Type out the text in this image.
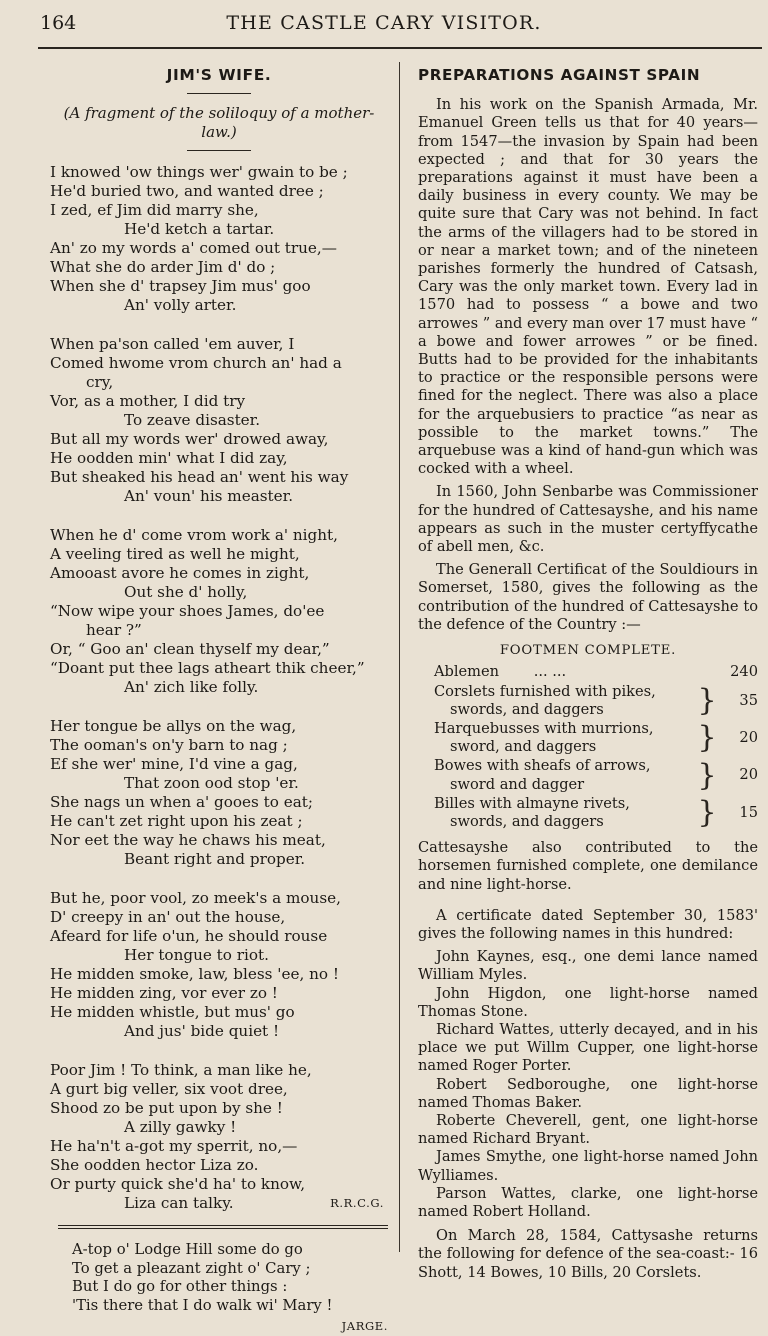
164	THE CASTLE CARY VISITOR.
JIM'S WIFE.
(A fragment of the soliloquy of a mother-law.)
I knowed 'ow things wer' gwain to be ;
He'd buried two, and wanted dree ;
I zed, ef Jim did marry she,
He'd ketch a tartar.
An' zo my words a' comed out true,—
What she do arder Jim d' do ;
When she d' trapsey Jim mus' goo
An' volly arter.
When pa'son called 'em auver, I
Comed hwome vrom church an' had a
cry,
Vor, as a mother, I did try
To zeave disaster.
But all my words wer' drowed away,
He oodden min' what I did zay,
But sheaked his head an' went his way
An' voun' his measter.
When he d' come vrom work a' night,
A veeling tired as well he might,
Amooast avore he comes in zight,
Out she d' holly,
“Now wipe your shoes James, do'ee
hear ?”
Or, “ Goo an' clean thyself my dear,”
“Doant put thee lags atheart thik cheer,”
An' zich like folly.
Her tongue be allys on the wag,
The ooman's on'y barn to nag ;
Ef she wer' mine, I'd vine a gag,
That zoon ood stop 'er.
She nags un when a' gooes to eat;
He can't zet right upon his zeat ;
Nor eet the way he chaws his meat,
Beant right and proper.
But he, poor vool, zo meek's a mouse,
D' creepy in an' out the house,
Afeard for life o'un, he should rouse
Her tongue to riot.
He midden smoke, law, bless 'ee, no !
He midden zing, vor ever zo !
He midden whistle, but mus' go
And jus' bide quiet !
Poor Jim ! To think, a man like he,
A gurt big veller, six voot dree,
Shood zo be put upon by she !
A zilly gawky !
He ha'n't a-got my sperrit, no,—
She oodden hector Liza zo.
Or purty quick she'd ha' to know,
Liza can talky.	R.R.C.G.
A-top o' Lodge Hill some do go
To get a pleazant zight o' Cary ;
But I do go for other things :
'Tis there that I do walk wi' Mary !
JARGE.
PREPARATIONS AGAINST SPAIN

In his work on the Spanish Armada, Mr. Emanuel Green tells us that for 40 years—from 1547—the invasion by Spain had been expected ; and that for 30 years the preparations against it must have been a daily business in every county. We may be quite sure that Cary was not behind. In fact the arms of the villagers had to be stored in or near a market town; and of the nineteen parishes formerly the hundred of Catsash, Cary was the only market town. Every lad in 1570 had to possess “ a bowe and two arrowes ” and every man over 17 must have “ a bowe and fower arrowes ” or be fined. Butts had to be provided for the inhabitants to practice or the responsible persons were fined for the neglect. There was also a place for the arquebusiers to practice “as near as possible to the market towns.” The arquebuse was a kind of hand-gun which was cocked with a wheel.

In 1560, John Senbarbe was Commissioner for the hundred of Cattesayshe, and his name appears as such in the muster certyffycathe of abell men, &c.

The Generall Certificat of the Souldiours in Somerset, 1580, gives the following as the contribution of the hundred of Cattesayshe to the defence of the Country :—

FOOTMEN COMPLETE.
Ablemen ... ...	240
Corslets furnished with pikes,
swords, and daggers	}	35
Harquebusses with murrions,
sword, and daggers	}	20
Bowes with sheafs of arrows,
sword and dagger	}	20
Billes with almayne rivets,
swords, and daggers	}	15

Cattesayshe also contributed to the horsemen furnished complete, one demilance and nine light-horse.

A certificate dated September 30, 1583' gives the following names in this hundred:

John Kaynes, esq., one demi lance named William Myles.

John Higdon, one light-horse named Thomas Stone.

Richard Wattes, utterly decayed, and in his place we put Willm Cupper, one light-horse named Roger Porter.

Robert Sedboroughe, one light-horse named Thomas Baker.

Roberte Cheverell, gent, one light-horse named Richard Bryant.

James Smythe, one light-horse named John Wylliames.

Parson Wattes, clarke, one light-horse named Robert Holland.

On March 28, 1584, Cattysashe returns the following for defence of the sea-coast:- 16 Shott, 14 Bowes, 10 Bills, 20 Corslets.
